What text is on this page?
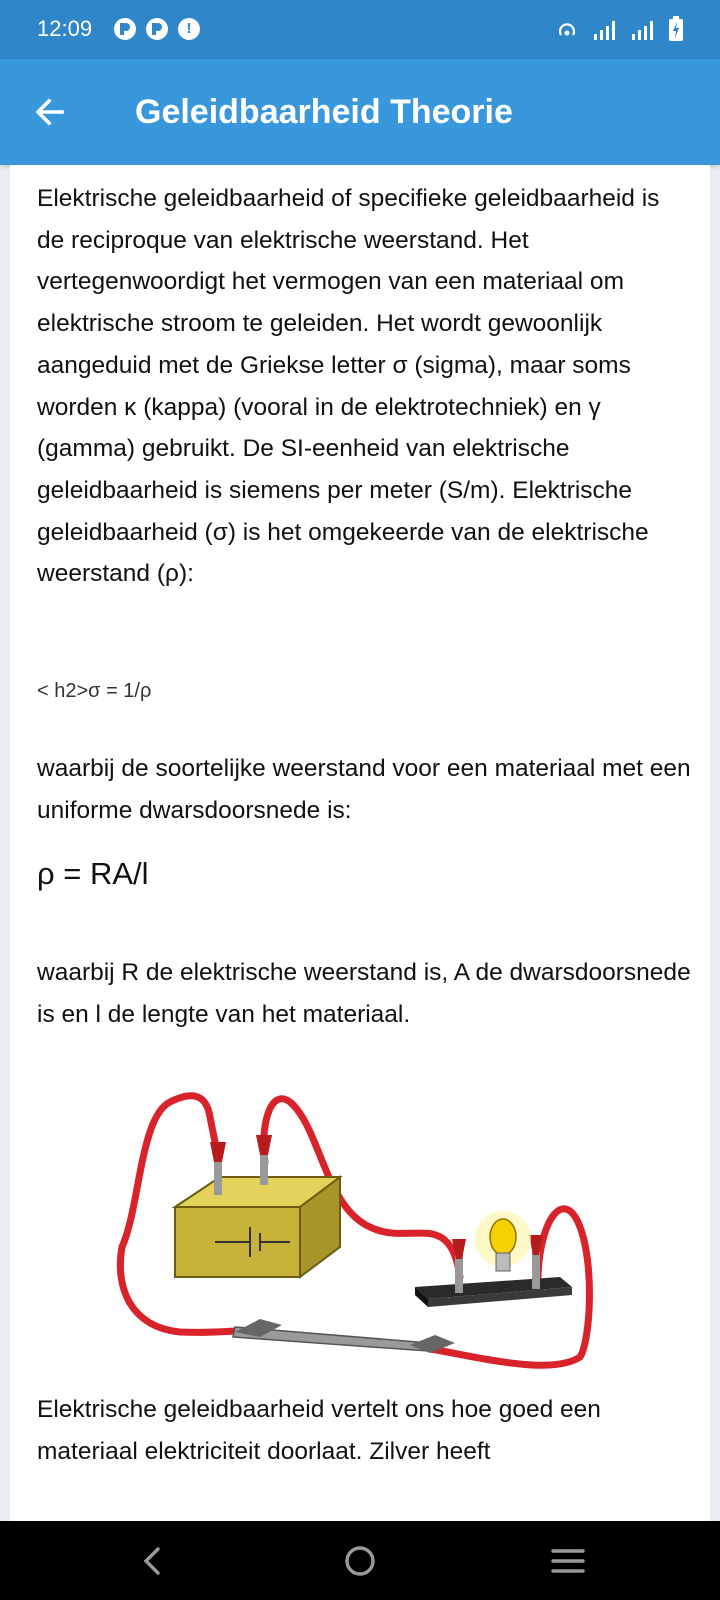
12:09	!
Geleidbaarheid Theorie

Elektrische geleidbaarheid of specifieke geleidbaarheid is de reciproque van elektrische weerstand. Het vertegenwoordigt het vermogen van een materiaal om elektrische stroom te geleiden. Het wordt gewoonlijk aangeduid met de Griekse letter σ (sigma), maar soms worden κ (kappa) (vooral in de elektrotechniek) en γ (gamma) gebruikt. De SI-eenheid van elektrische geleidbaarheid is siemens per meter (S/m). Elektrische geleidbaarheid (σ) is het omgekeerde van de elektrische weerstand (ρ):

< h2>σ = 1/ρ

waarbij de soortelijke weerstand voor een materiaal met een uniforme dwarsdoorsnede is:

ρ = RA/l

waarbij R de elektrische weerstand is, A de dwarsdoorsnede is en l de lengte van het materiaal.

Elektrische geleidbaarheid vertelt ons hoe goed een materiaal elektriciteit doorlaat. Zilver heeft
